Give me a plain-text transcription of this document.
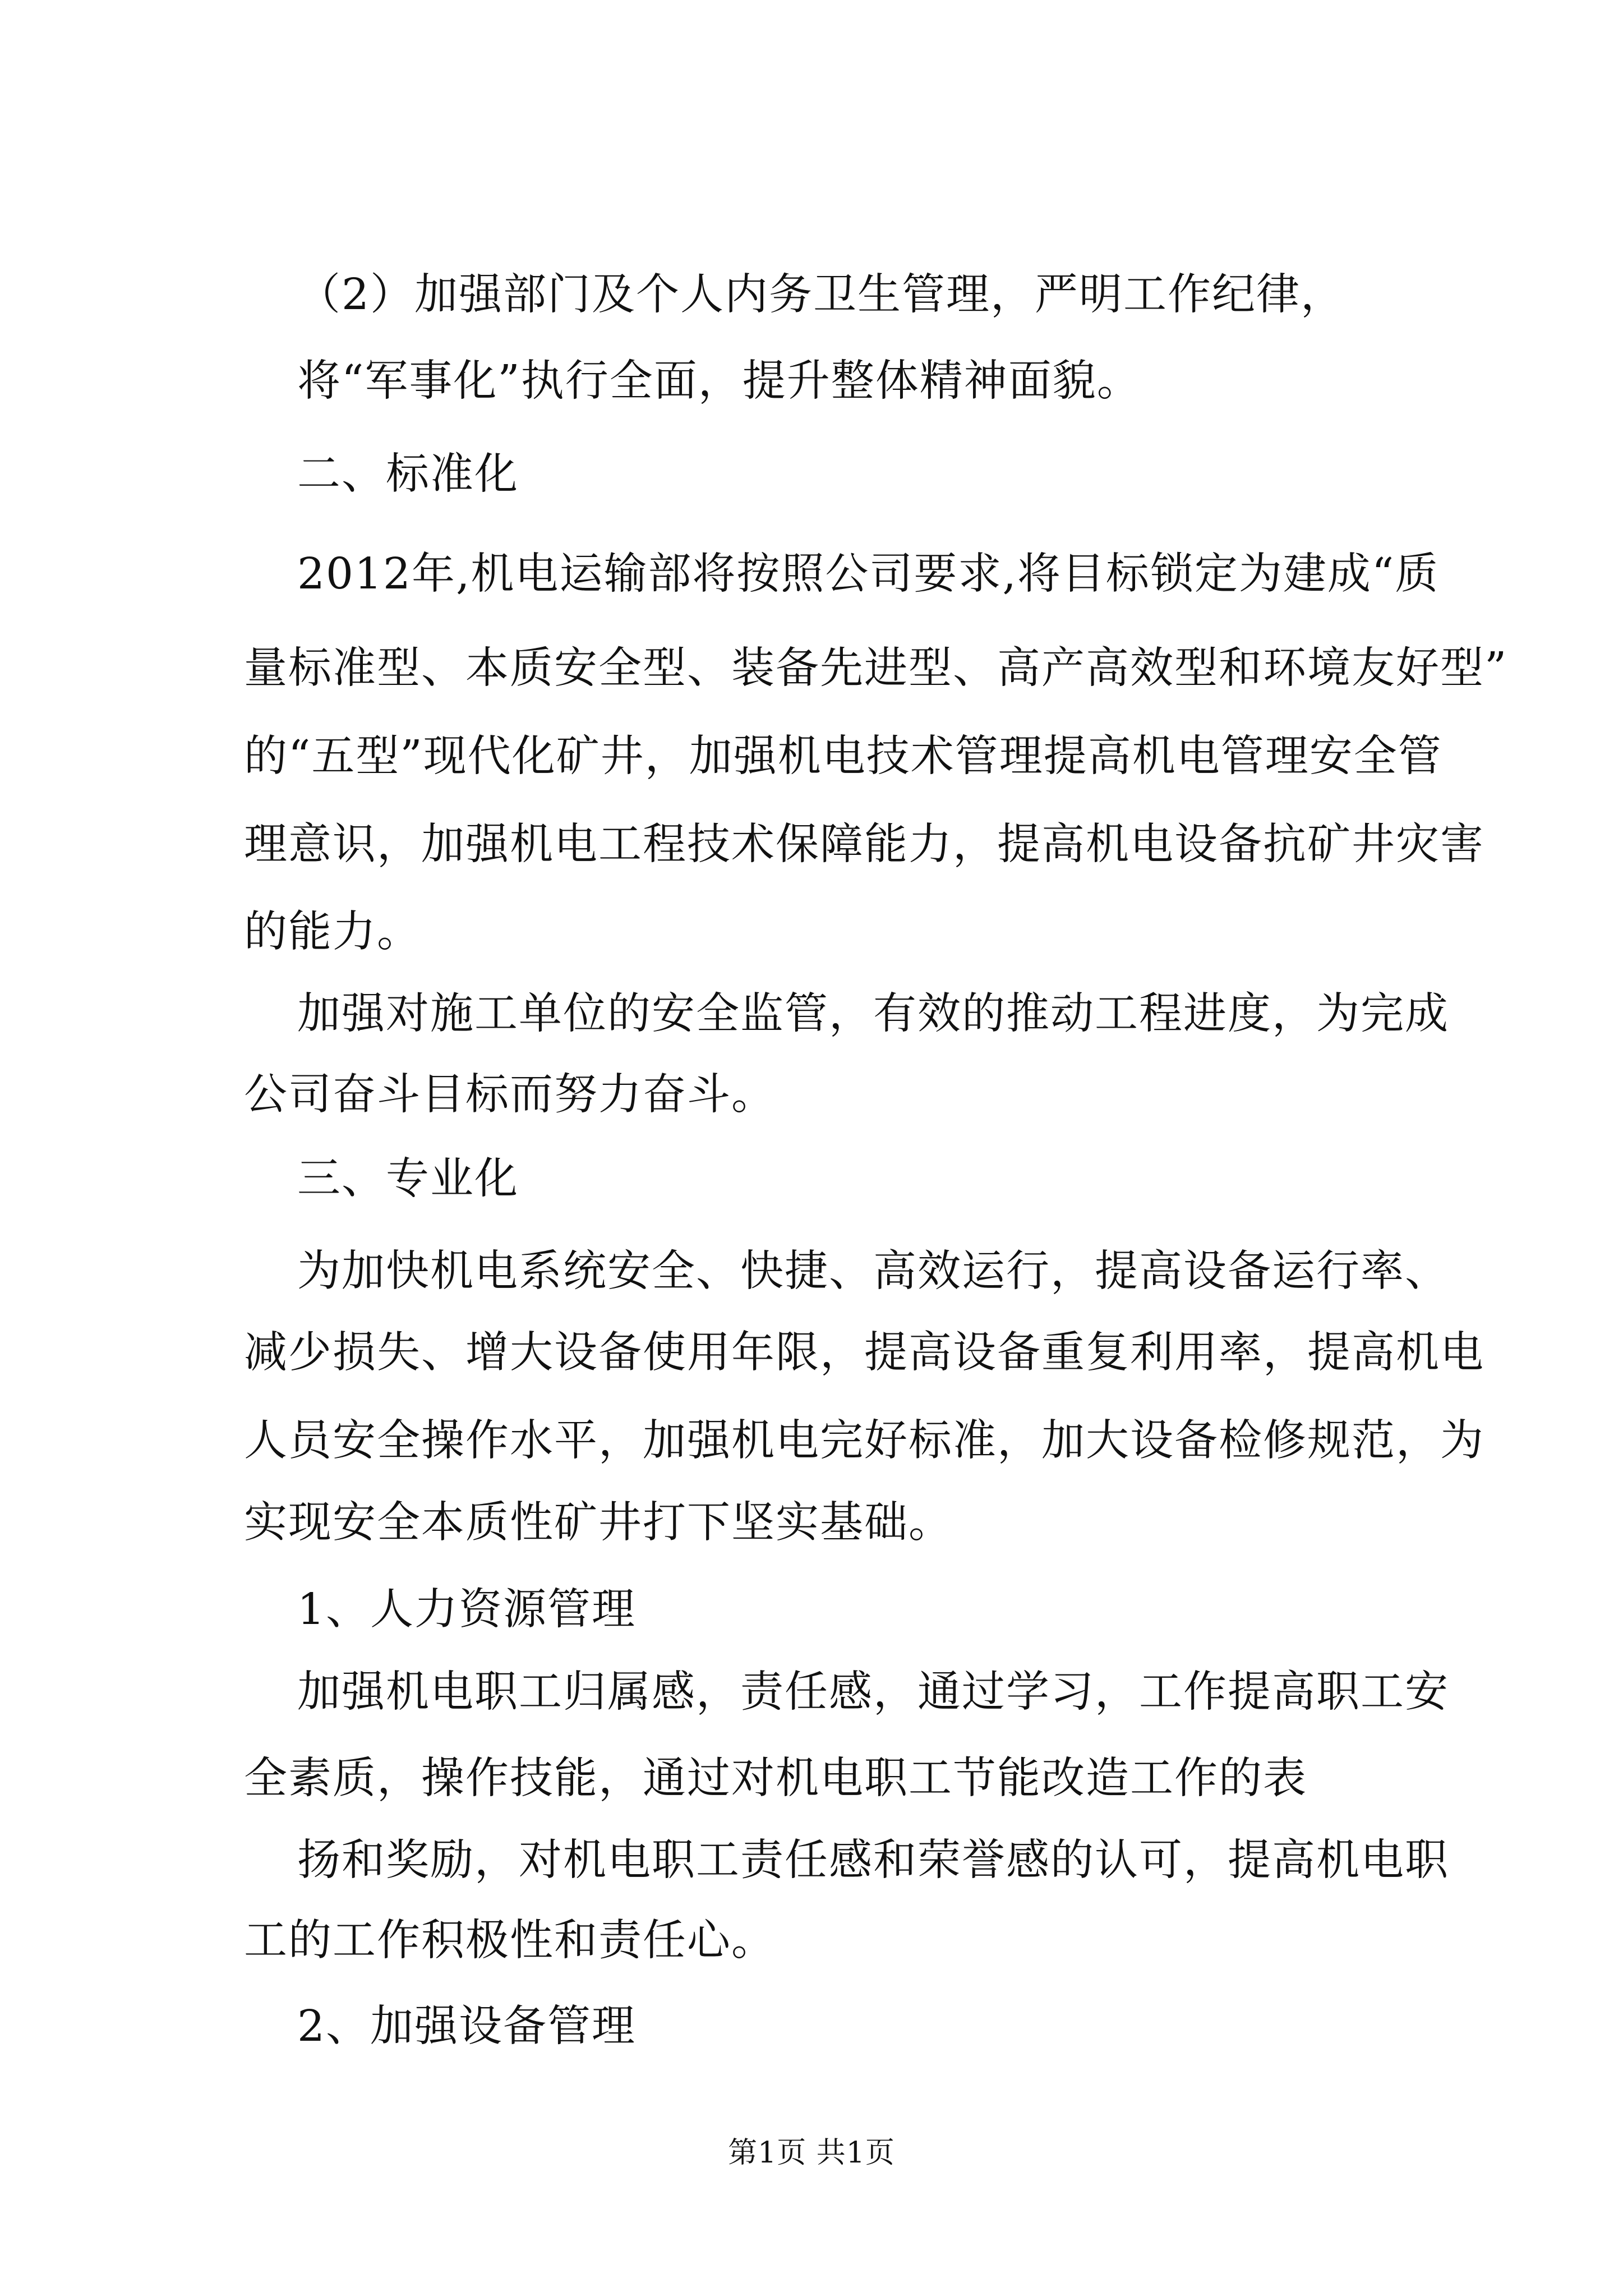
（2）加强部门及个人内务卫生管理，严明工作纪律，
将“军事化”执行全面，提升整体精神面貌。
二、标准化
2012年,机电运输部将按照公司要求,将目标锁定为建成“质
量标准型、本质安全型、装备先进型、高产高效型和环境友好型”
的“五型”现代化矿井，加强机电技术管理提高机电管理安全管
理意识，加强机电工程技术保障能力，提高机电设备抗矿井灾害
的能力。
加强对施工单位的安全监管，有效的推动工程进度，为完成
公司奋斗目标而努力奋斗。
三、专业化
为加快机电系统安全、快捷、高效运行，提高设备运行率、
减少损失、增大设备使用年限，提高设备重复利用率，提高机电
人员安全操作水平，加强机电完好标准，加大设备检修规范，为
实现安全本质性矿井打下坚实基础。
1、人力资源管理
加强机电职工归属感，责任感，通过学习，工作提高职工安
全素质，操作技能，通过对机电职工节能改造工作的表
扬和奖励，对机电职工责任感和荣誉感的认可，提高机电职
工的工作积极性和责任心。
2、加强设备管理
第1页 共1页
